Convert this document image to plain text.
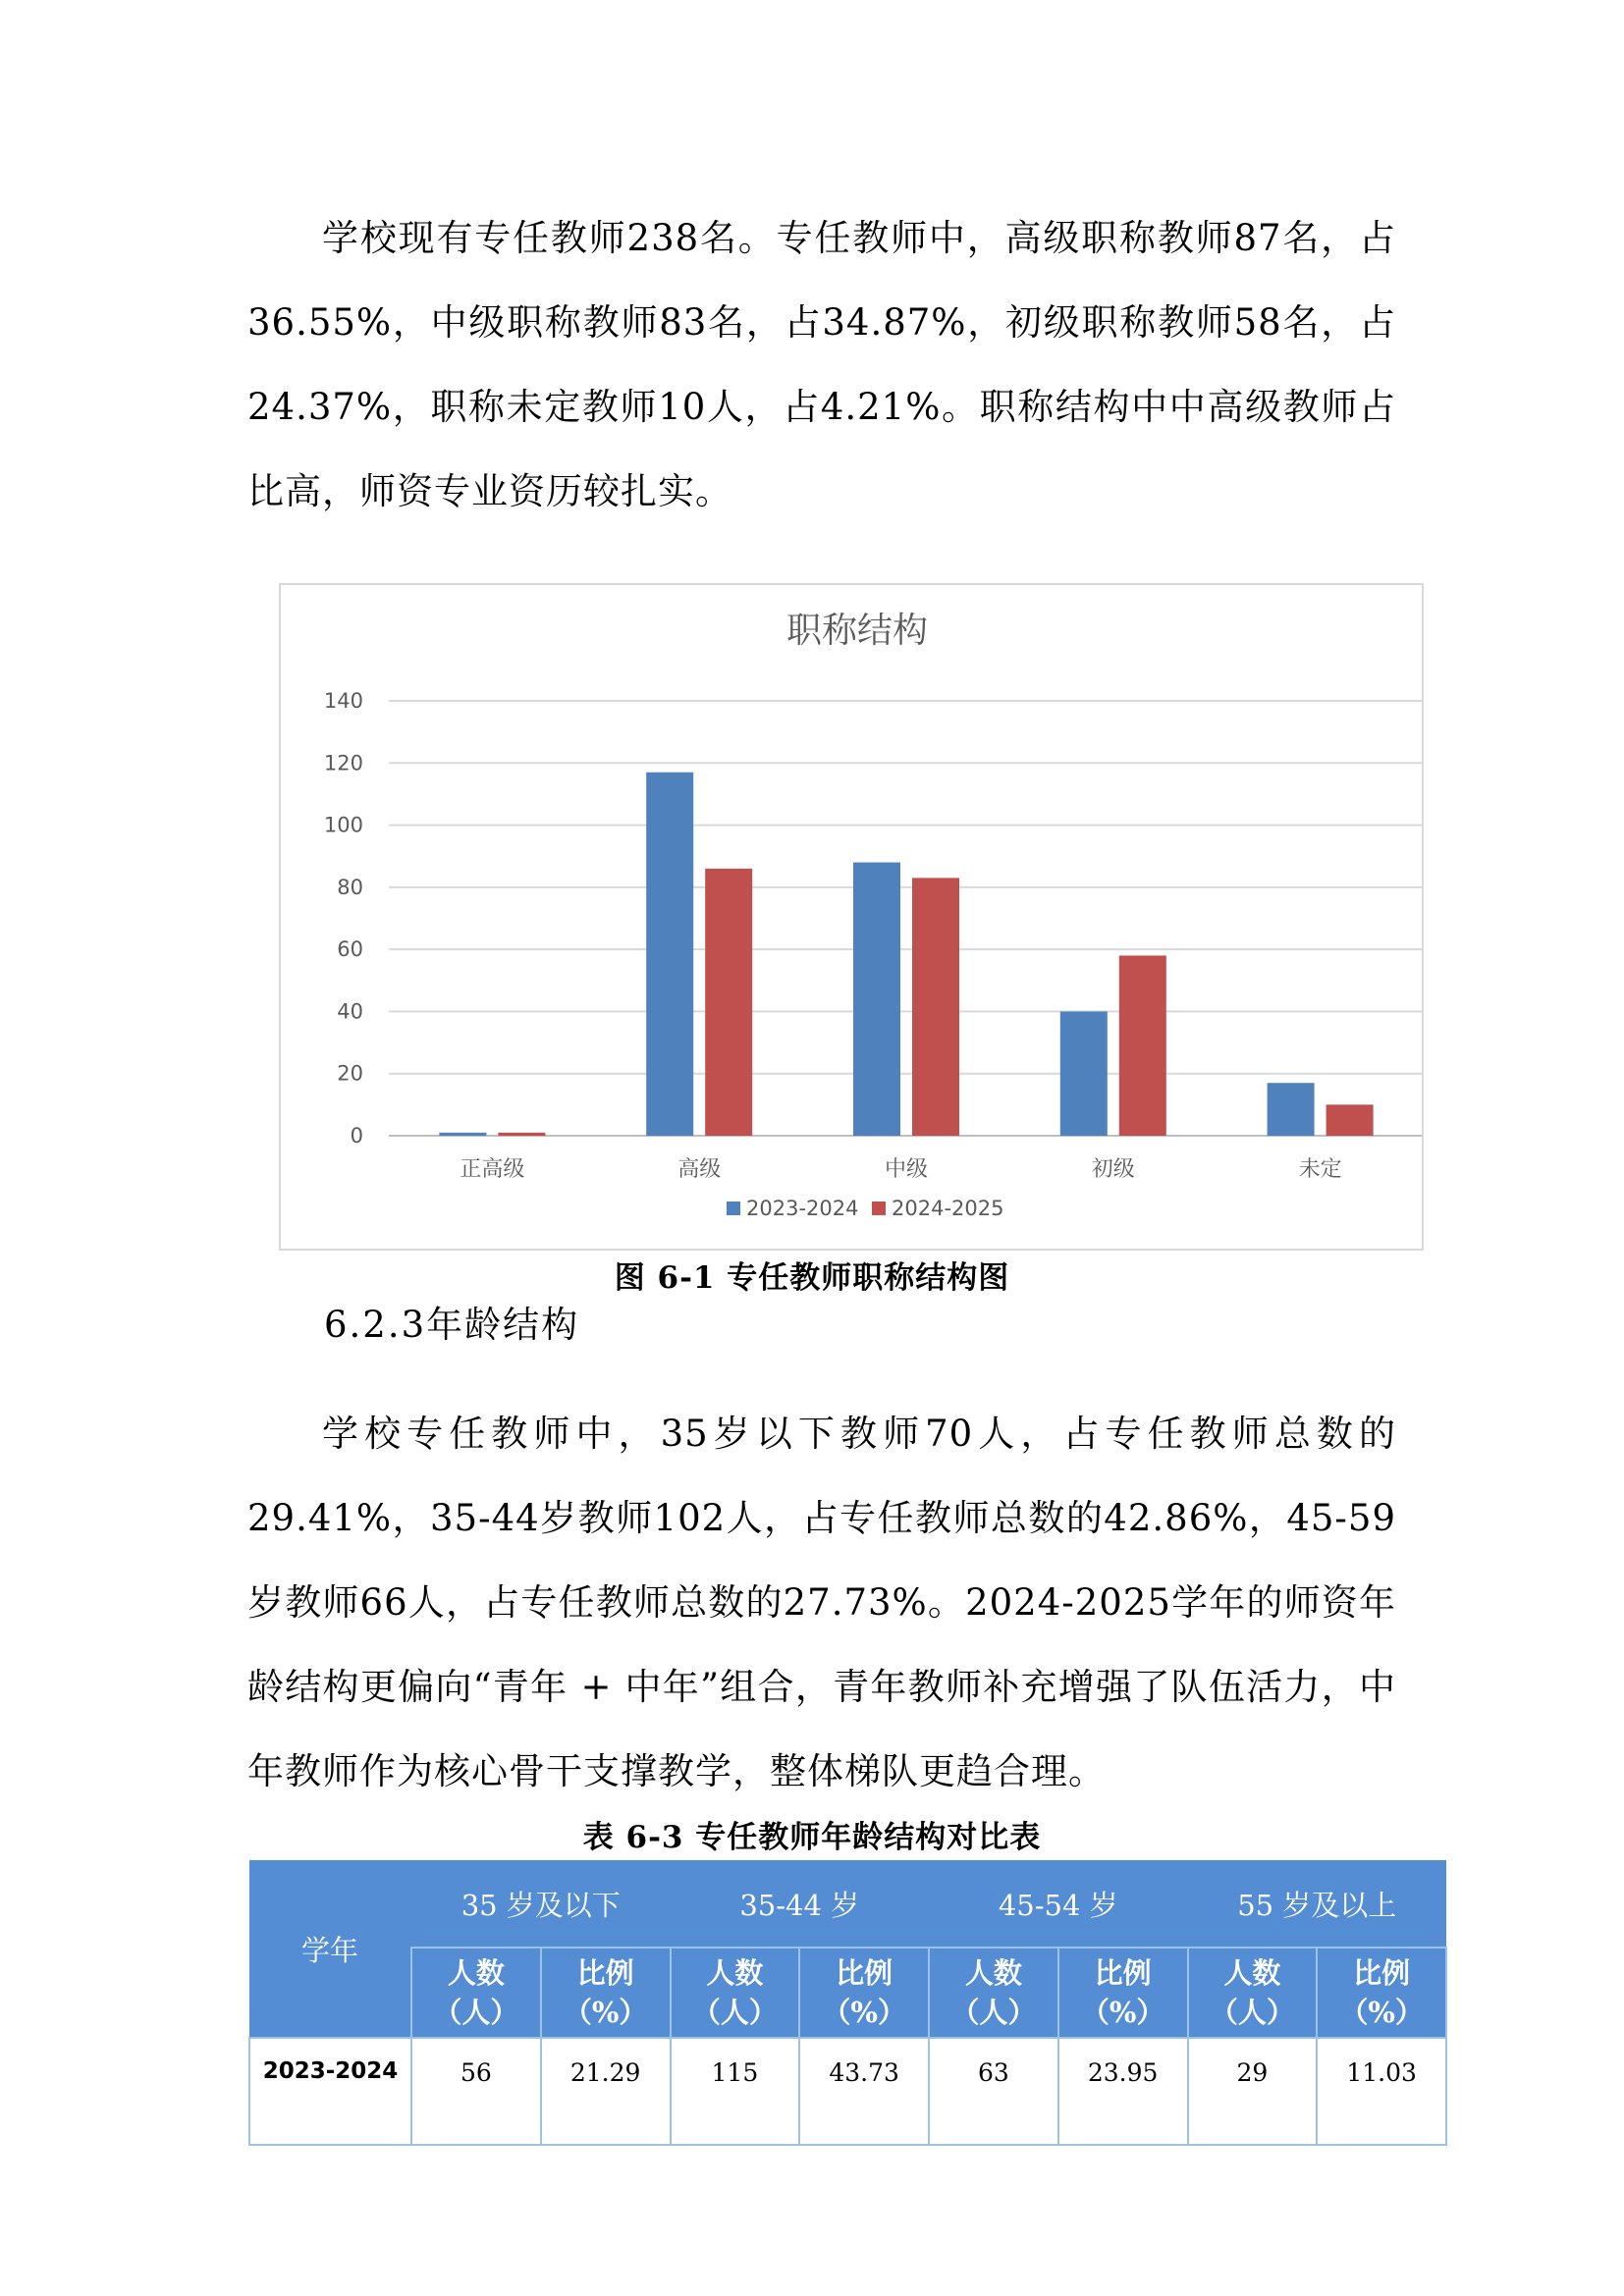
学校现有专任教师238名。专任教师中，高级职称教师87名，占36.55%，中级职称教师83名，占34.87%，初级职称教师58名，占24.37%，职称未定教师10人，占4.21%。职称结构中中高级教师占比高，师资专业资历较扎实。

职称结构
0
20
40
60
80
100
120
140
正高级	高级	中级	初级	未定
2023-2024 2024-2025
图 6-1 专任教师职称结构图
6.2.3年龄结构

学校专任教师中，35岁以下教师70人，占专任教师总数的29.41%，35-44岁教师102人，占专任教师总数的42.86%，45-59岁教师66人，占专任教师总数的27.73%。2024-2025学年的师资年龄结构更偏向“青年 + 中年”组合，青年教师补充增强了队伍活力，中年教师作为核心骨干支撑教学，整体梯队更趋合理。

表 6-3 专任教师年龄结构对比表
学年	35 岁及以下		35-44 岁		45-54 岁		55 岁及以上	
	人数（人）	比例（%）	人数（人）	比例（%）	人数（人）	比例（%）	人数（人）	比例（%）
2023-2024	56	21.29	115	43.73	63	23.95	29	11.03
